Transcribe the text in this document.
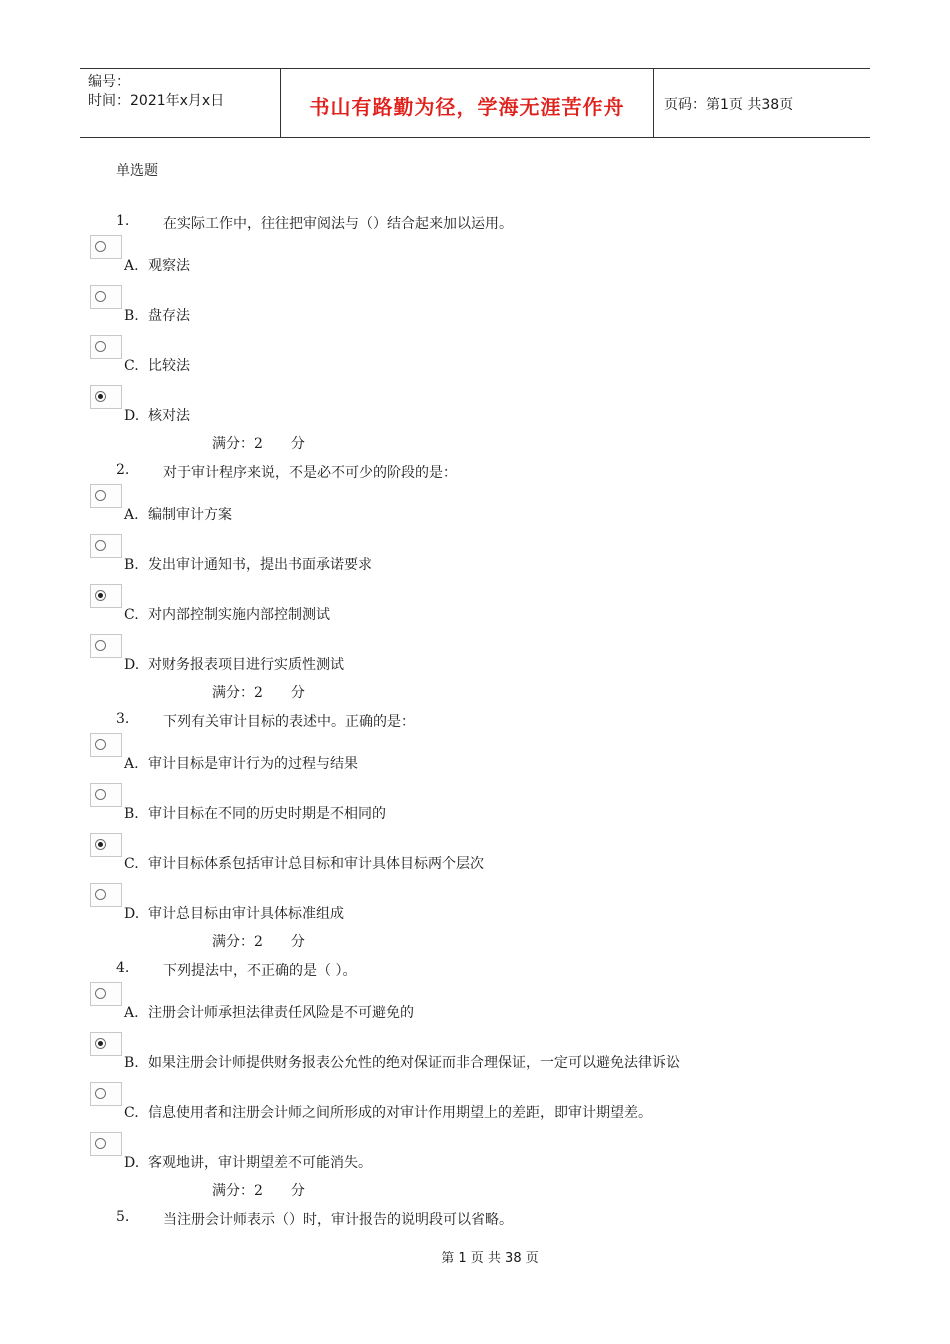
编号：
时间：2021年x月x日	书山有路勤为径，学海无涯苦作舟	页码：第1页 共38页
单选题
1. 在实际工作中，往往把审阅法与（）结合起来加以运用。
A. 观察法
B. 盘存法
C. 比较法
D. 核对法
满分：2 分
2. 对于审计程序来说，不是必不可少的阶段的是：
A. 编制审计方案
B. 发出审计通知书，提出书面承诺要求
C. 对内部控制实施内部控制测试
D. 对财务报表项目进行实质性测试
满分：2 分
3. 下列有关审计目标的表述中。正确的是：
A. 审计目标是审计行为的过程与结果
B. 审计目标在不同的历史时期是不相同的
C. 审计目标体系包括审计总目标和审计具体目标两个层次
D. 审计总目标由审计具体标准组成
满分：2 分
4. 下列提法中，不正确的是（ ）。
A. 注册会计师承担法律责任风险是不可避免的
B. 如果注册会计师提供财务报表公允性的绝对保证而非合理保证，一定可以避免法律诉讼
C. 信息使用者和注册会计师之间所形成的对审计作用期望上的差距，即审计期望差。
D. 客观地讲，审计期望差不可能消失。
满分：2 分
5. 当注册会计师表示（）时，审计报告的说明段可以省略。
第 1 页 共 38 页
